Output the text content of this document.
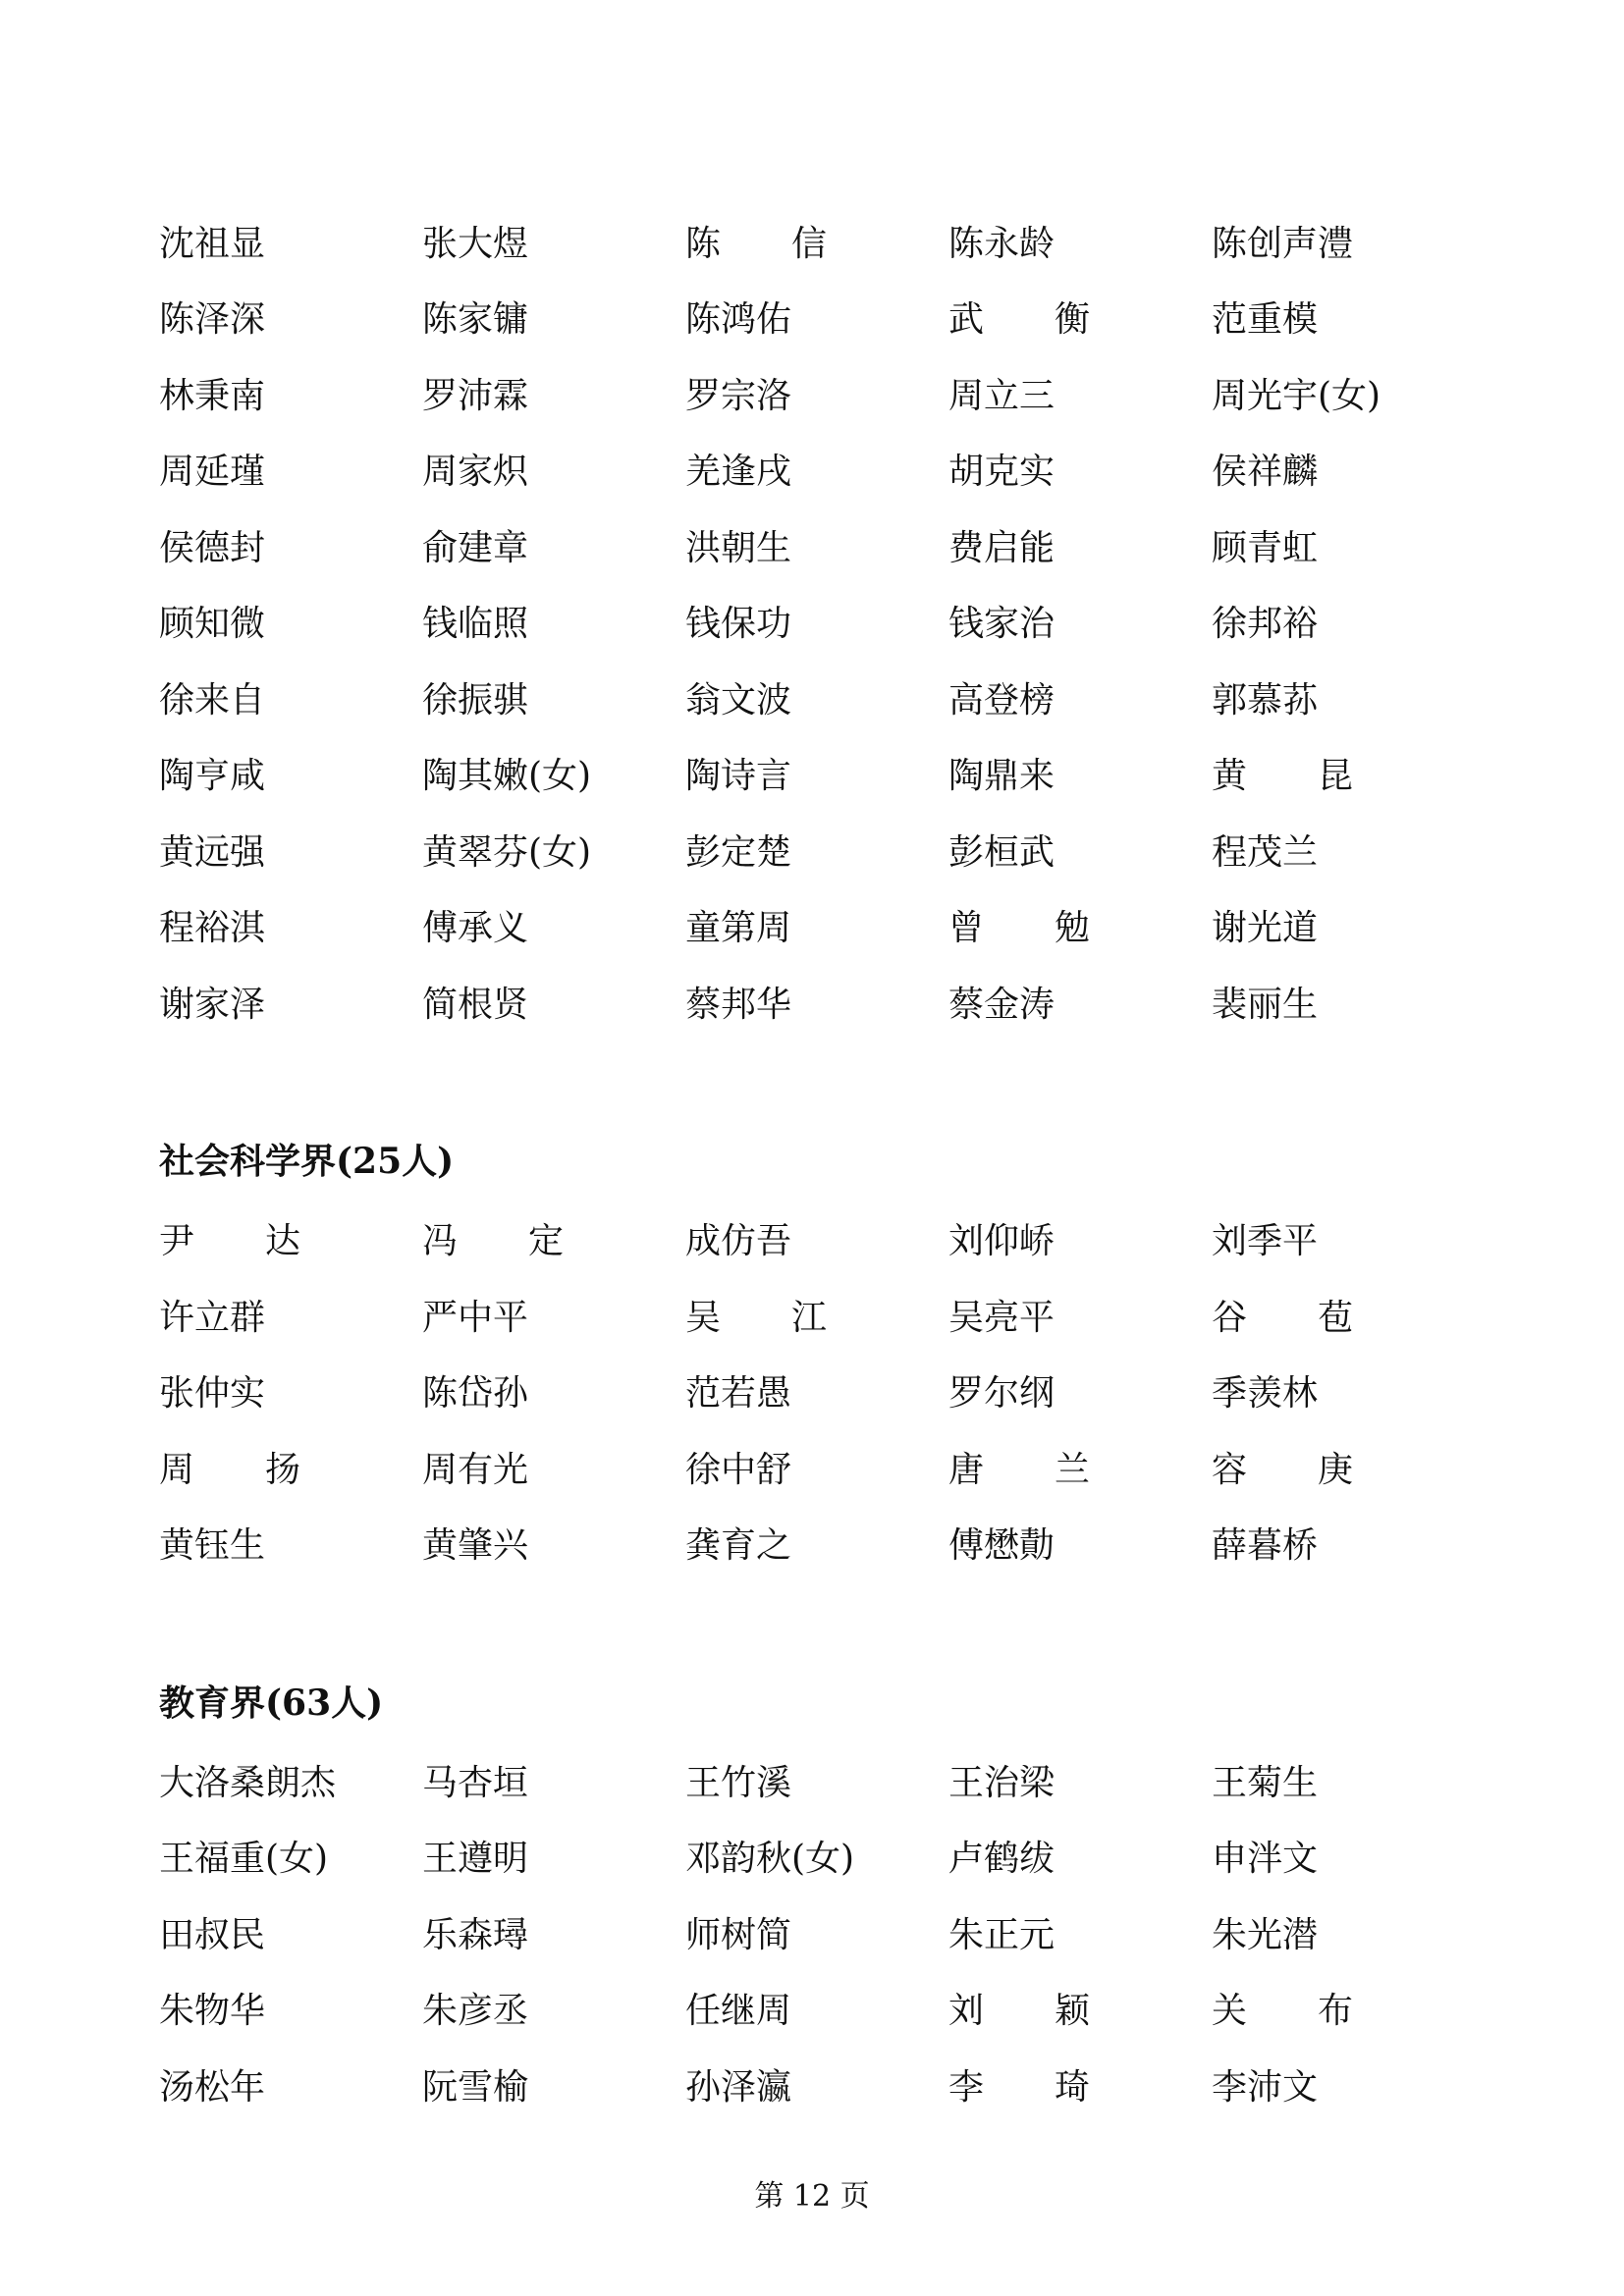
沈祖显	张大煜	陈　　信	陈永龄	陈创声澧
陈泽深	陈家镛	陈鸿佑	武　　衡	范重模
林秉南	罗沛霖	罗宗洛	周立三	周光宇(女)
周延瑾	周家炽	羌逢戌	胡克实	侯祥麟
侯德封	俞建章	洪朝生	费启能	顾青虹
顾知微	钱临照	钱保功	钱家治	徐邦裕
徐来自	徐振骐	翁文波	高登榜	郭慕荪
陶亨咸	陶其嫩(女)	陶诗言	陶鼎来	黄　　昆
黄远强	黄翠芬(女)	彭定楚	彭桓武	程茂兰
程裕淇	傅承义	童第周	曾　　勉	谢光道
谢家泽	简根贤	蔡邦华	蔡金涛	裴丽生
社会科学界(25人)
尹　　达	冯　　定	成仿吾	刘仰峤	刘季平
许立群	严中平	吴　　江	吴亮平	谷　　苞
张仲实	陈岱孙	范若愚	罗尔纲	季羡林
周　　扬	周有光	徐中舒	唐　　兰	容　　庚
黄钰生	黄肇兴	龚育之	傅懋勣	薛暮桥
教育界(63人)
大洛桑朗杰	马杏垣	王竹溪	王治梁	王菊生
王福重(女)	王遵明	邓韵秋(女)	卢鹤绂	申泮文
田叔民	乐森璕	师树简	朱正元	朱光潜
朱物华	朱彦丞	任继周	刘　　颖	关　　布
汤松年	阮雪榆	孙泽瀛	李　　琦	李沛文
第 12 页
